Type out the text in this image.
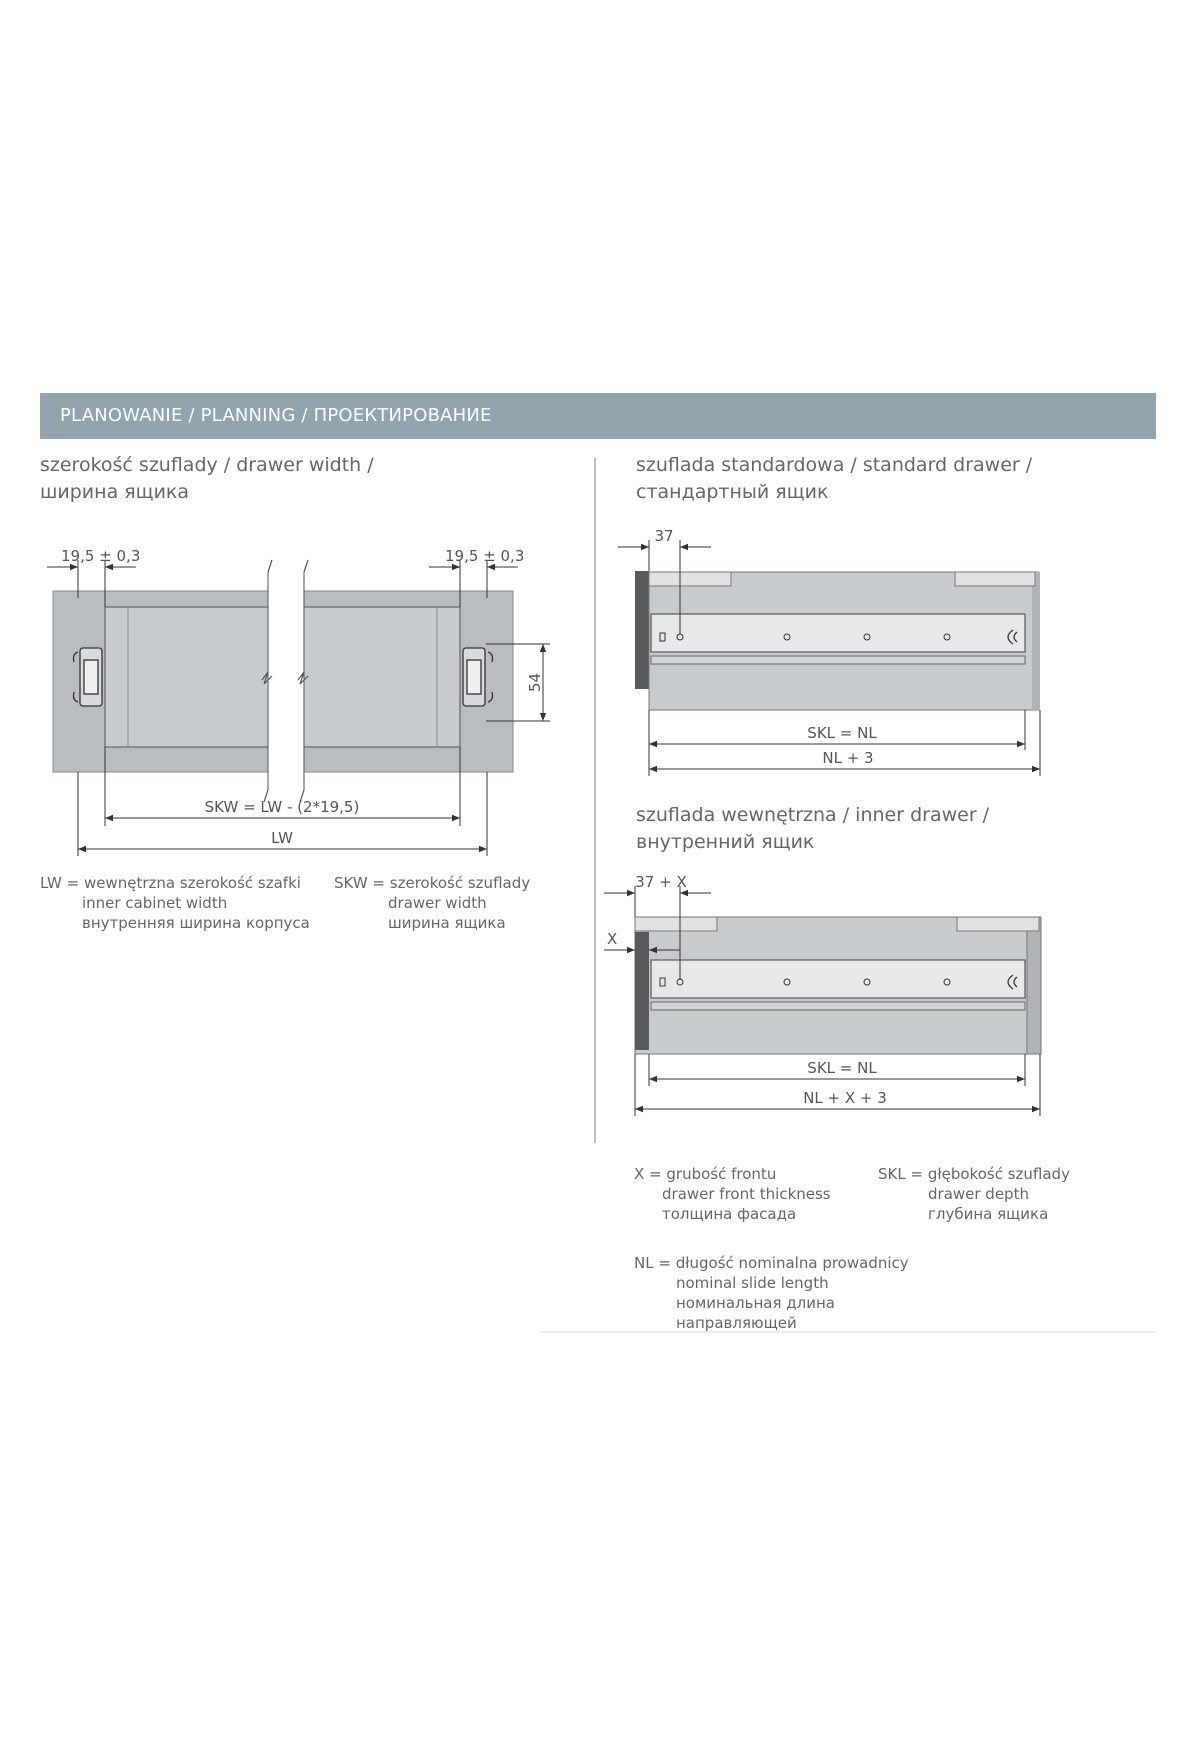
PLANOWANIE / PLANNING / ПРОЕКТИРОВАНИЕ
szerokość szuflady / drawer width /
ширина ящика
szuflada standardowa / standard drawer /
стандартный ящик
szuflada wewnętrzna / inner drawer /
внутренний ящик
19,5 ± 0,3	19,5 ± 0,3
54
SKW = LW - (2*19,5)
LW
37
SKL = NL
NL + 3
37 + X
X
SKL = NL
NL + X + 3
LW = wewnętrzna szerokość szafki
inner cabinet width
внутренняя ширина корпуса
SKW = szerokość szuflady
drawer width
ширина ящика
X = grubość frontu
drawer front thickness
толщина фасада
SKL = głębokość szuflady
drawer depth
глубина ящика
NL = długość nominalna prowadnicy
nominal slide length
номинальная длина
направляющей
